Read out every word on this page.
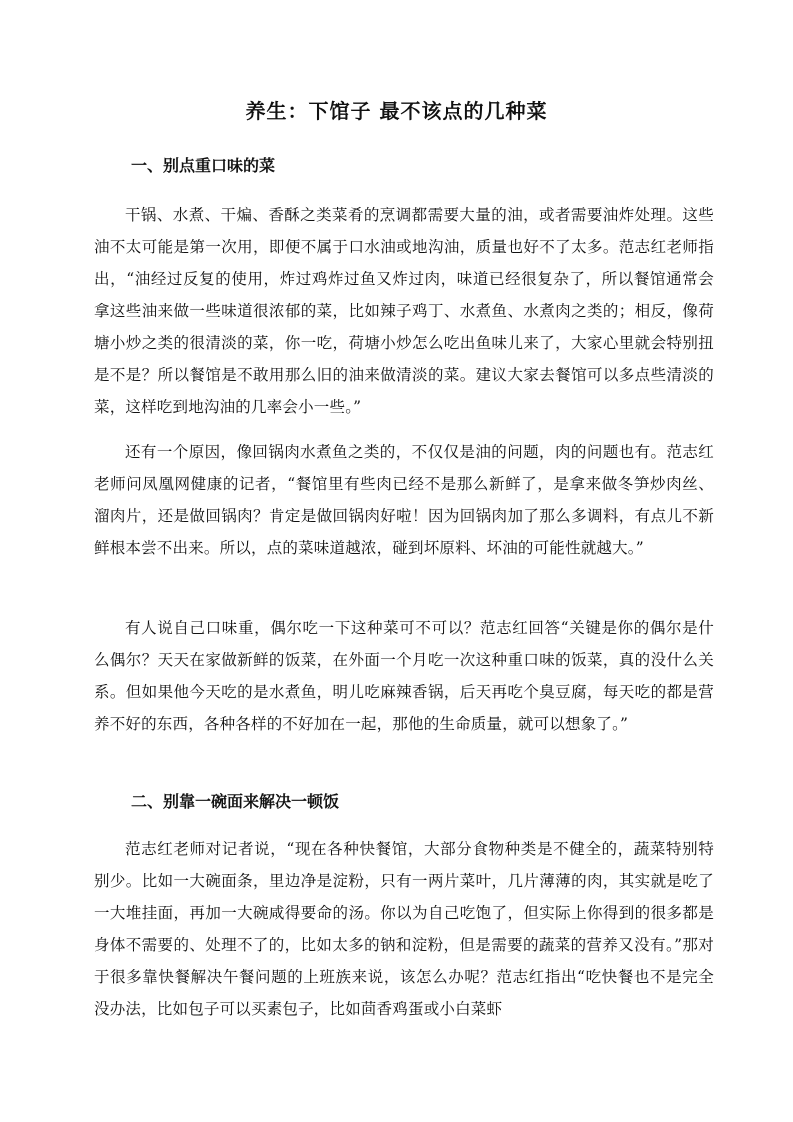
养生：下馆子 最不该点的几种菜
一、别点重口味的菜

干锅、水煮、干煸、香酥之类菜肴的烹调都需要大量的油，或者需要油炸处理。这些油不太可能是第一次用，即便不属于口水油或地沟油，质量也好不了太多。范志红老师指出，“油经过反复的使用，炸过鸡炸过鱼又炸过肉，味道已经很复杂了，所以餐馆通常会拿这些油来做一些味道很浓郁的菜，比如辣子鸡丁、水煮鱼、水煮肉之类的；相反，像荷塘小炒之类的很清淡的菜，你一吃，荷塘小炒怎么吃出鱼味儿来了，大家心里就会特别扭是不是？所以餐馆是不敢用那么旧的油来做清淡的菜。建议大家去餐馆可以多点些清淡的菜，这样吃到地沟油的几率会小一些。”

还有一个原因，像回锅肉水煮鱼之类的，不仅仅是油的问题，肉的问题也有。范志红老师问凤凰网健康的记者，“餐馆里有些肉已经不是那么新鲜了，是拿来做冬笋炒肉丝、溜肉片，还是做回锅肉？肯定是做回锅肉好啦！因为回锅肉加了那么多调料，有点儿不新鲜根本尝不出来。所以，点的菜味道越浓，碰到坏原料、坏油的可能性就越大。”

有人说自己口味重，偶尔吃一下这种菜可不可以？范志红回答“关键是你的偶尔是什么偶尔？天天在家做新鲜的饭菜，在外面一个月吃一次这种重口味的饭菜，真的没什么关系。但如果他今天吃的是水煮鱼，明儿吃麻辣香锅，后天再吃个臭豆腐，每天吃的都是营养不好的东西，各种各样的不好加在一起，那他的生命质量，就可以想象了。”

二、别靠一碗面来解决一顿饭

范志红老师对记者说，“现在各种快餐馆，大部分食物种类是不健全的，蔬菜特别特别少。比如一大碗面条，里边净是淀粉，只有一两片菜叶，几片薄薄的肉，其实就是吃了一大堆挂面，再加一大碗咸得要命的汤。你以为自己吃饱了，但实际上你得到的很多都是身体不需要的、处理不了的，比如太多的钠和淀粉，但是需要的蔬菜的营养又没有。”那对于很多靠快餐解决午餐问题的上班族来说，该怎么办呢？范志红指出“吃快餐也不是完全没办法，比如包子可以买素包子，比如茴香鸡蛋或小白菜虾
